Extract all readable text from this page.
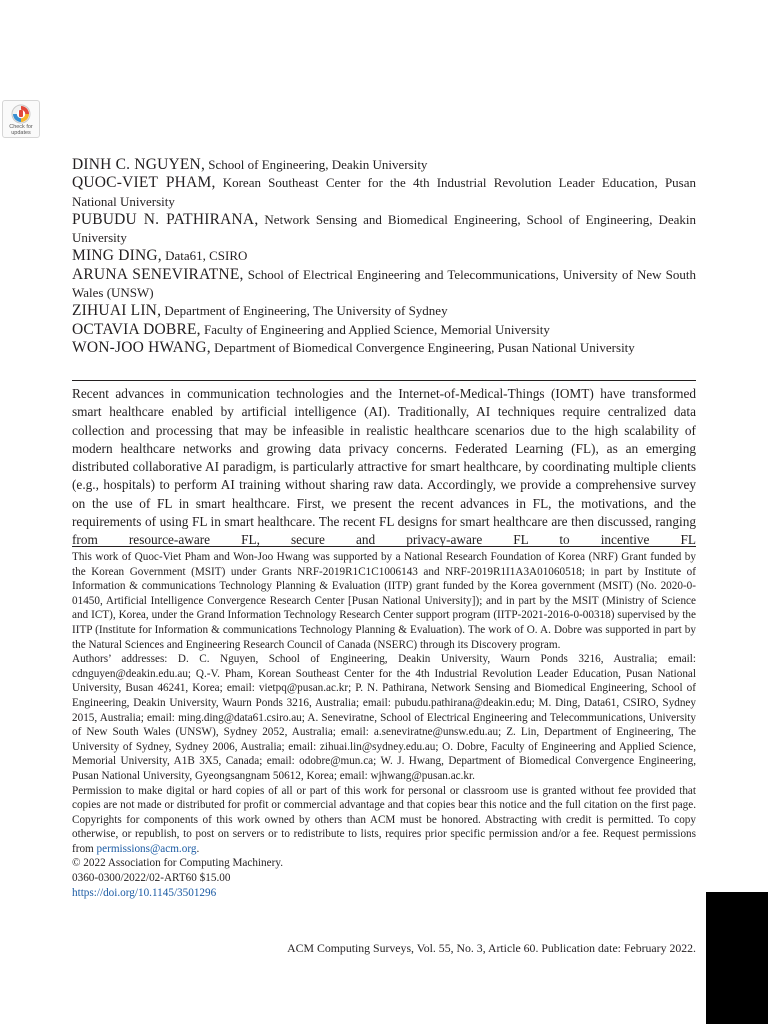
Check for updates
DINH C. NGUYEN, School of Engineering, Deakin University
QUOC-VIET PHAM, Korean Southeast Center for the 4th Industrial Revolution Leader Education, Pusan National University
PUBUDU N. PATHIRANA, Network Sensing and Biomedical Engineering, School of Engineering, Deakin University
MING DING, Data61, CSIRO
ARUNA SENEVIRATNE, School of Electrical Engineering and Telecommunications, University of New South Wales (UNSW)
ZIHUAI LIN, Department of Engineering, The University of Sydney
OCTAVIA DOBRE, Faculty of Engineering and Applied Science, Memorial University
WON-JOO HWANG, Department of Biomedical Convergence Engineering, Pusan National University

Recent advances in communication technologies and the Internet-of-Medical-Things (IOMT) have transformed smart healthcare enabled by artificial intelligence (AI). Traditionally, AI techniques require centralized data collection and processing that may be infeasible in realistic healthcare scenarios due to the high scalability of modern healthcare networks and growing data privacy concerns. Federated Learning (FL), as an emerging distributed collaborative AI paradigm, is particularly attractive for smart healthcare, by coordinating multiple clients (e.g., hospitals) to perform AI training without sharing raw data. Accordingly, we provide a comprehensive survey on the use of FL in smart healthcare. First, we present the recent advances in FL, the motivations, and the requirements of using FL in smart healthcare. The recent FL designs for smart healthcare are then discussed, ranging from resource-aware FL, secure and privacy-aware FL to incentive FL

This work of Quoc-Viet Pham and Won-Joo Hwang was supported by a National Research Foundation of Korea (NRF) Grant funded by the Korean Government (MSIT) under Grants NRF-2019R1C1C1006143 and NRF-2019R1I1A3A01060518; in part by Institute of Information & communications Technology Planning & Evaluation (IITP) grant funded by the Korea government (MSIT) (No. 2020-0-01450, Artificial Intelligence Convergence Research Center [Pusan National University]); and in part by the MSIT (Ministry of Science and ICT), Korea, under the Grand Information Technology Research Center support program (IITP-2021-2016-0-00318) supervised by the IITP (Institute for Information & communications Technology Planning & Evaluation). The work of O. A. Dobre was supported in part by the Natural Sciences and Engineering Research Council of Canada (NSERC) through its Discovery program.

Authors’ addresses: D. C. Nguyen, School of Engineering, Deakin University, Waurn Ponds 3216, Australia; email: cdnguyen@deakin.edu.au; Q.-V. Pham, Korean Southeast Center for the 4th Industrial Revolution Leader Education, Pusan National University, Busan 46241, Korea; email: vietpq@pusan.ac.kr; P. N. Pathirana, Network Sensing and Biomedical Engineering, School of Engineering, Deakin University, Waurn Ponds 3216, Australia; email: pubudu.pathirana@deakin.edu; M. Ding, Data61, CSIRO, Sydney 2015, Australia; email: ming.ding@data61.csiro.au; A. Seneviratne, School of Electrical Engineering and Telecommunications, University of New South Wales (UNSW), Sydney 2052, Australia; email: a.seneviratne@unsw.edu.au; Z. Lin, Department of Engineering, The University of Sydney, Sydney 2006, Australia; email: zihuai.lin@sydney.edu.au; O. Dobre, Faculty of Engineering and Applied Science, Memorial University, A1B 3X5, Canada; email: odobre@mun.ca; W. J. Hwang, Department of Biomedical Convergence Engineering, Pusan National University, Gyeongsangnam 50612, Korea; email: wjhwang@pusan.ac.kr.

Permission to make digital or hard copies of all or part of this work for personal or classroom use is granted without fee provided that copies are not made or distributed for profit or commercial advantage and that copies bear this notice and the full citation on the first page. Copyrights for components of this work owned by others than ACM must be honored. Abstracting with credit is permitted. To copy otherwise, or republish, to post on servers or to redistribute to lists, requires prior specific permission and/or a fee. Request permissions from permissions@acm.org.

© 2022 Association for Computing Machinery.

0360-0300/2022/02-ART60 $15.00

https://doi.org/10.1145/3501296

ACM Computing Surveys, Vol. 55, No. 3, Article 60. Publication date: February 2022.
